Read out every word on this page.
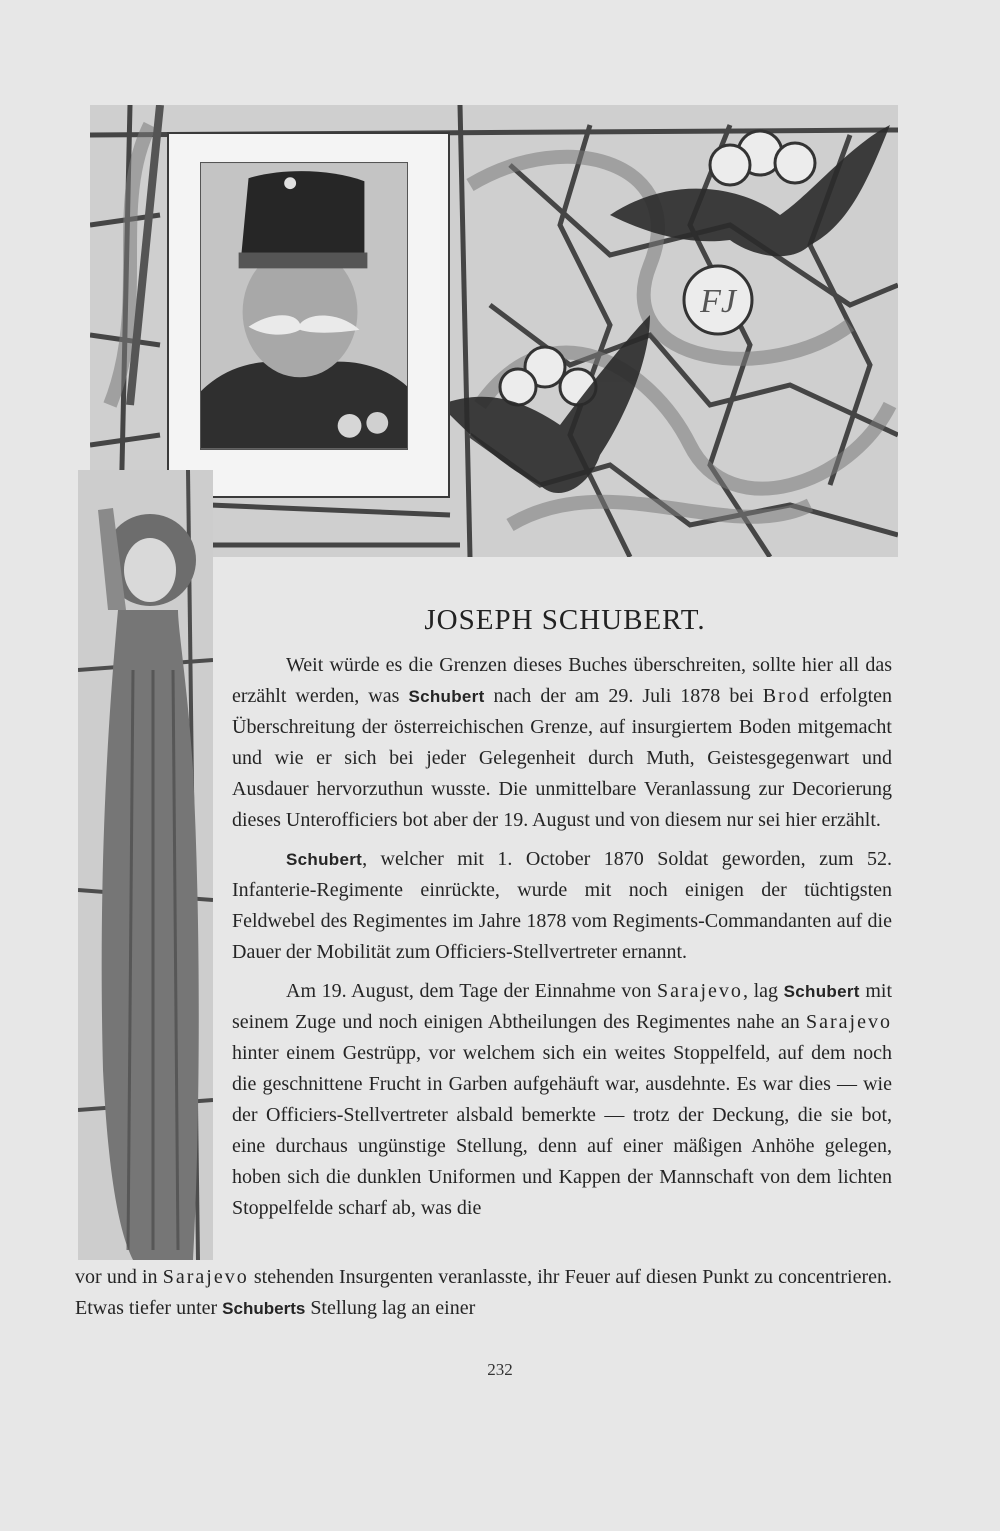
FJ
JOSEPH SCHUBERT.

Weit würde es die Grenzen dieses Buches überschreiten, sollte hier all das erzählt werden, was Schubert nach der am 29. Juli 1878 bei Brod erfolgten Überschreitung der österreichischen Grenze, auf insurgiertem Boden mitgemacht und wie er sich bei jeder Gelegenheit durch Muth, Geistesgegenwart und Ausdauer hervorzuthun wusste. Die unmittelbare Veranlassung zur Decorierung dieses Unterofficiers bot aber der 19. August und von diesem nur sei hier erzählt.

Schubert, welcher mit 1. October 1870 Soldat geworden, zum 52. Infanterie-Regimente einrückte, wurde mit noch einigen der tüchtigsten Feldwebel des Regimentes im Jahre 1878 vom Regiments-Commandanten auf die Dauer der Mobilität zum Officiers-Stellvertreter ernannt.

Am 19. August, dem Tage der Einnahme von Sarajevo, lag Schubert mit seinem Zuge und noch einigen Abtheilungen des Regimentes nahe an Sarajevo hinter einem Gestrüpp, vor welchem sich ein weites Stoppelfeld, auf dem noch die geschnittene Frucht in Garben aufgehäuft war, ausdehnte. Es war dies — wie der Officiers-Stellvertreter alsbald bemerkte — trotz der Deckung, die sie bot, eine durchaus ungünstige Stellung, denn auf einer mäßigen Anhöhe gelegen, hoben sich die dunklen Uniformen und Kappen der Mannschaft von dem lichten Stoppelfelde scharf ab, was die

vor und in Sarajevo stehenden Insurgenten veranlasste, ihr Feuer auf diesen Punkt zu concentrieren. Etwas tiefer unter Schuberts Stellung lag an einer
232
